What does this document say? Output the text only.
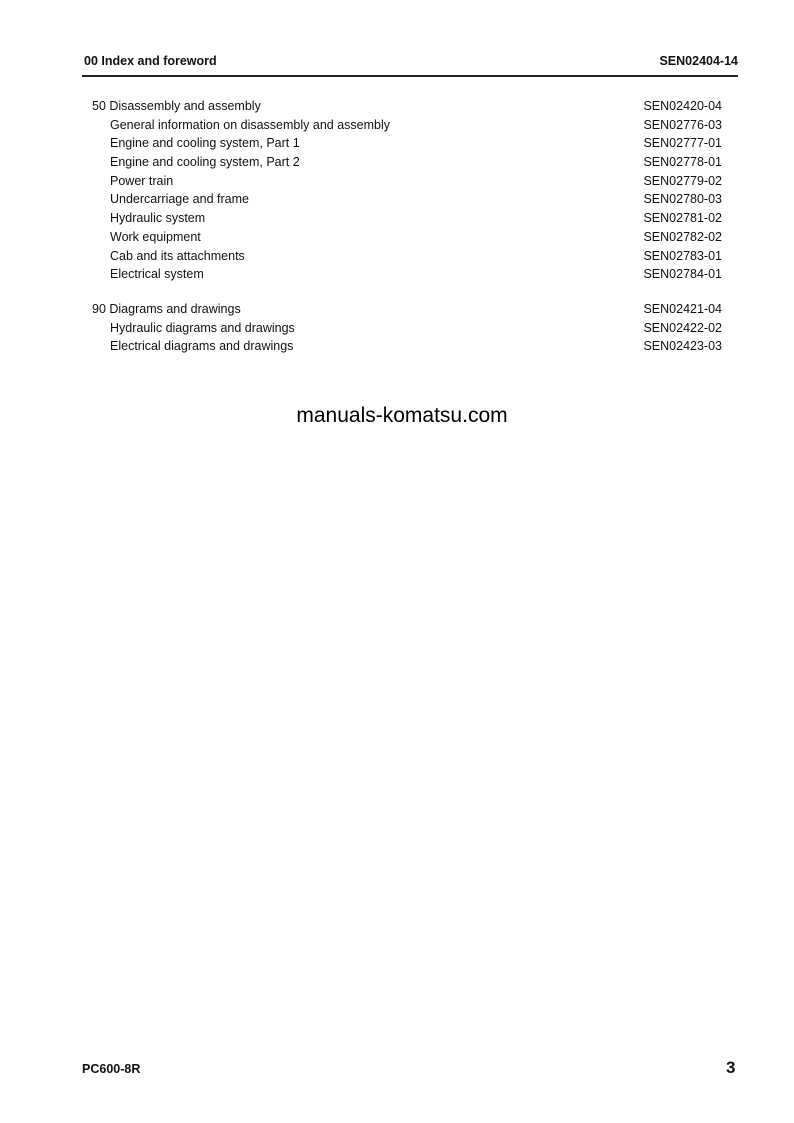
00 Index and foreword	SEN02404-14
50 Disassembly and assembly	SEN02420-04
General information on disassembly and assembly	SEN02776-03
Engine and cooling system, Part 1	SEN02777-01
Engine and cooling system, Part 2	SEN02778-01
Power train	SEN02779-02
Undercarriage and frame	SEN02780-03
Hydraulic system	SEN02781-02
Work equipment	SEN02782-02
Cab and its attachments	SEN02783-01
Electrical system	SEN02784-01
90 Diagrams and drawings	SEN02421-04
Hydraulic diagrams and drawings	SEN02422-02
Electrical diagrams and drawings	SEN02423-03
manuals-komatsu.com
PC600-8R	3
